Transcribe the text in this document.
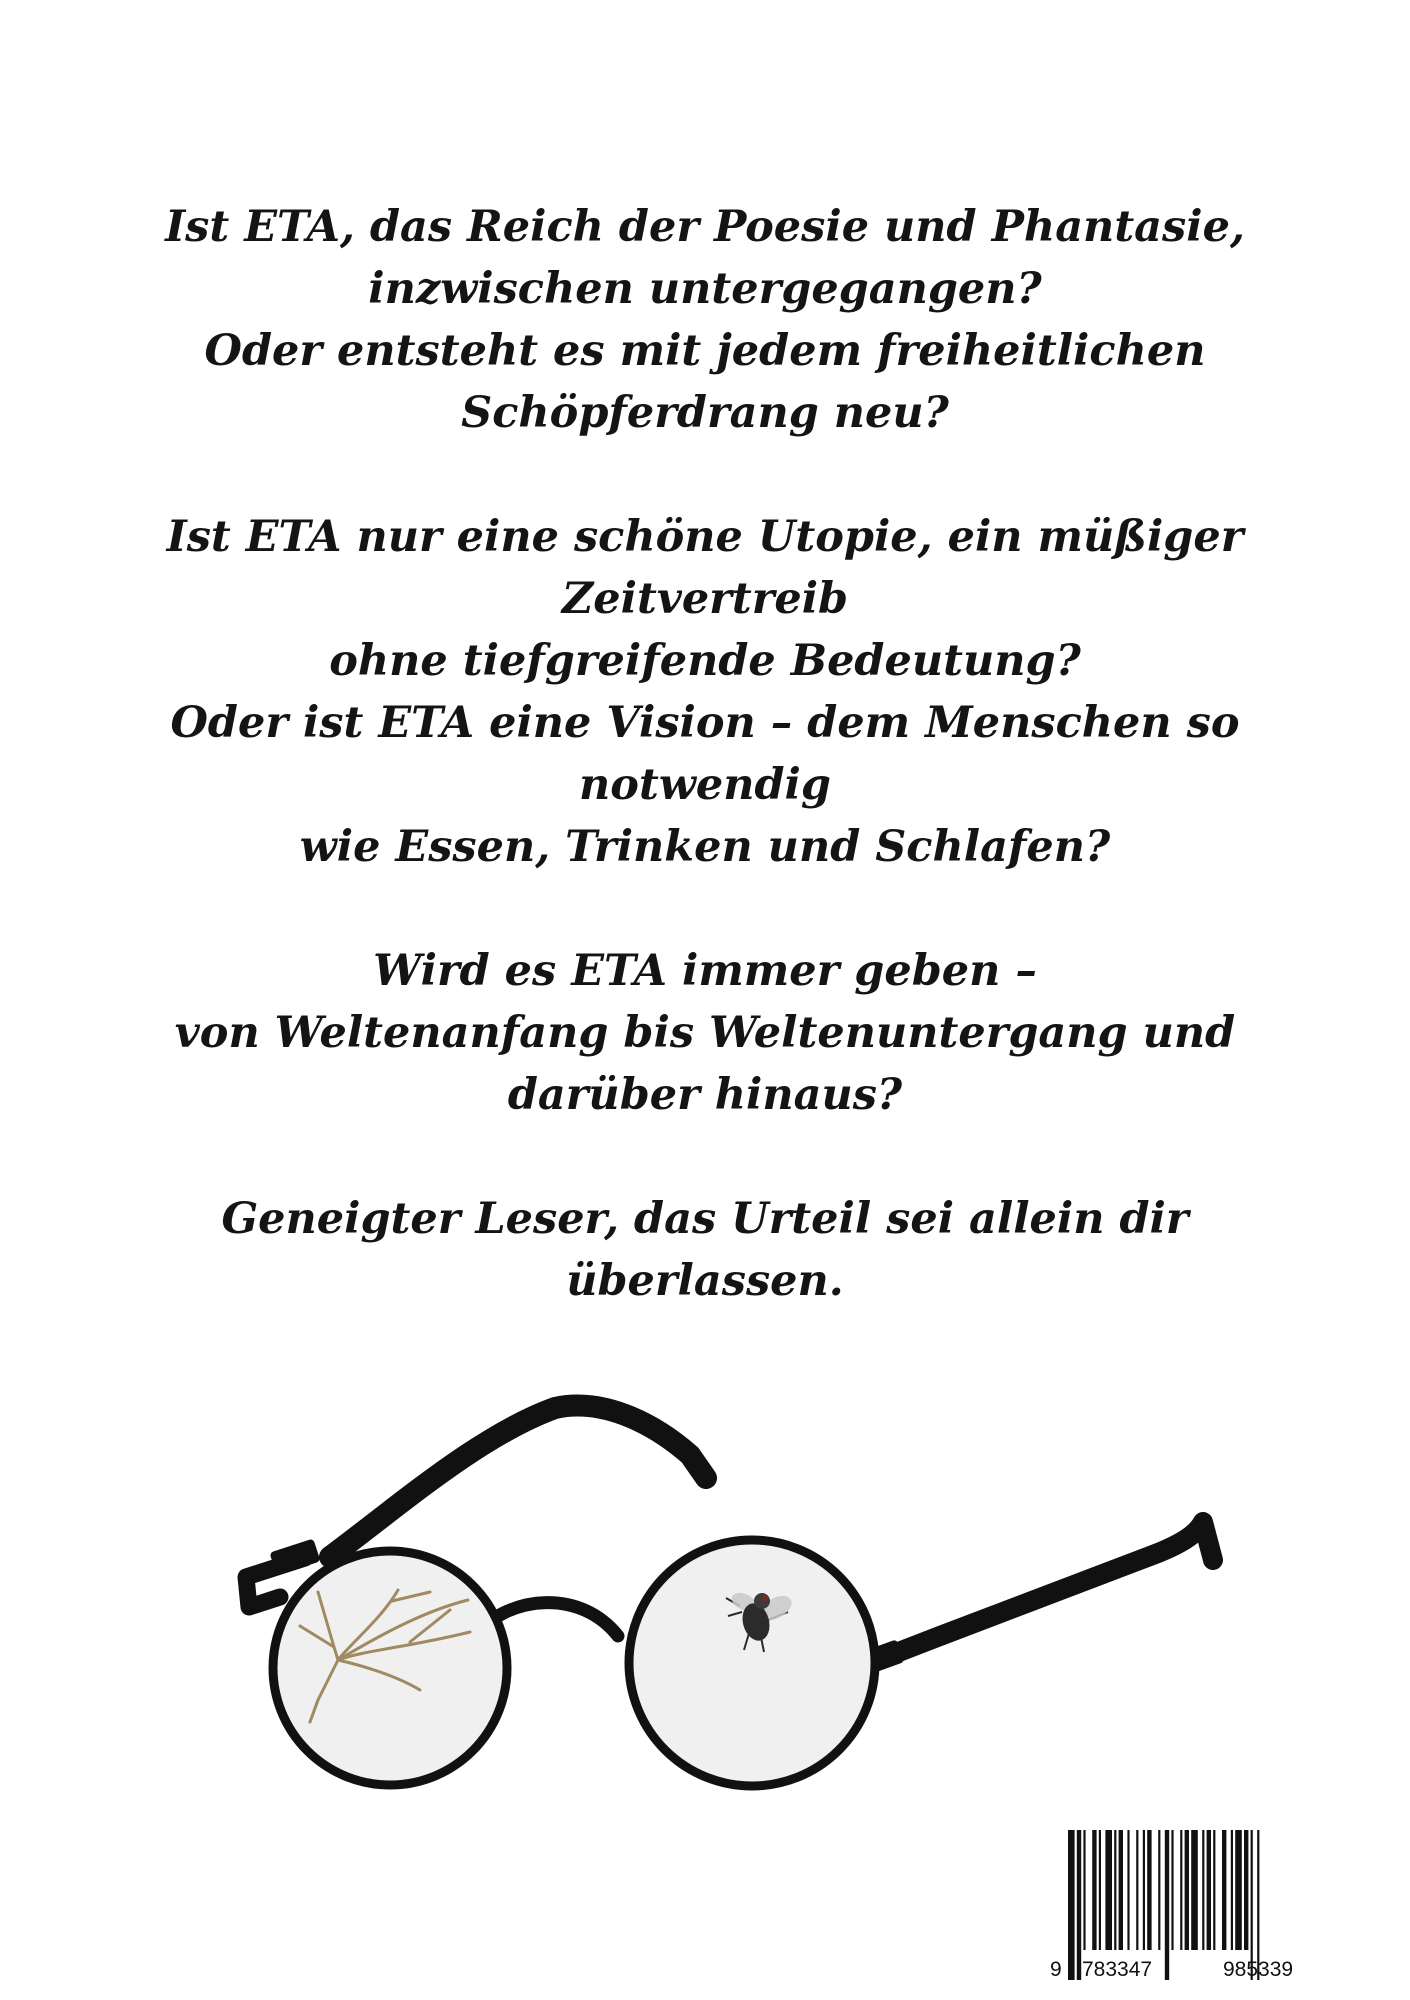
Ist ETA, das Reich der Poesie und Phantasie,
inzwischen untergegangen?
Oder entsteht es mit jedem freiheitlichen
Schöpferdrang neu?
Ist ETA nur eine schöne Utopie, ein müßiger
Zeitvertreib
ohne tiefgreifende Bedeutung?
Oder ist ETA eine Vision – dem Menschen so
notwendig
wie Essen, Trinken und Schlafen?
Wird es ETA immer geben –
von Weltenanfang bis Weltenuntergang und
darüber hinaus?
Geneigter Leser, das Urteil sei allein dir
überlassen.
9 783347	985339
